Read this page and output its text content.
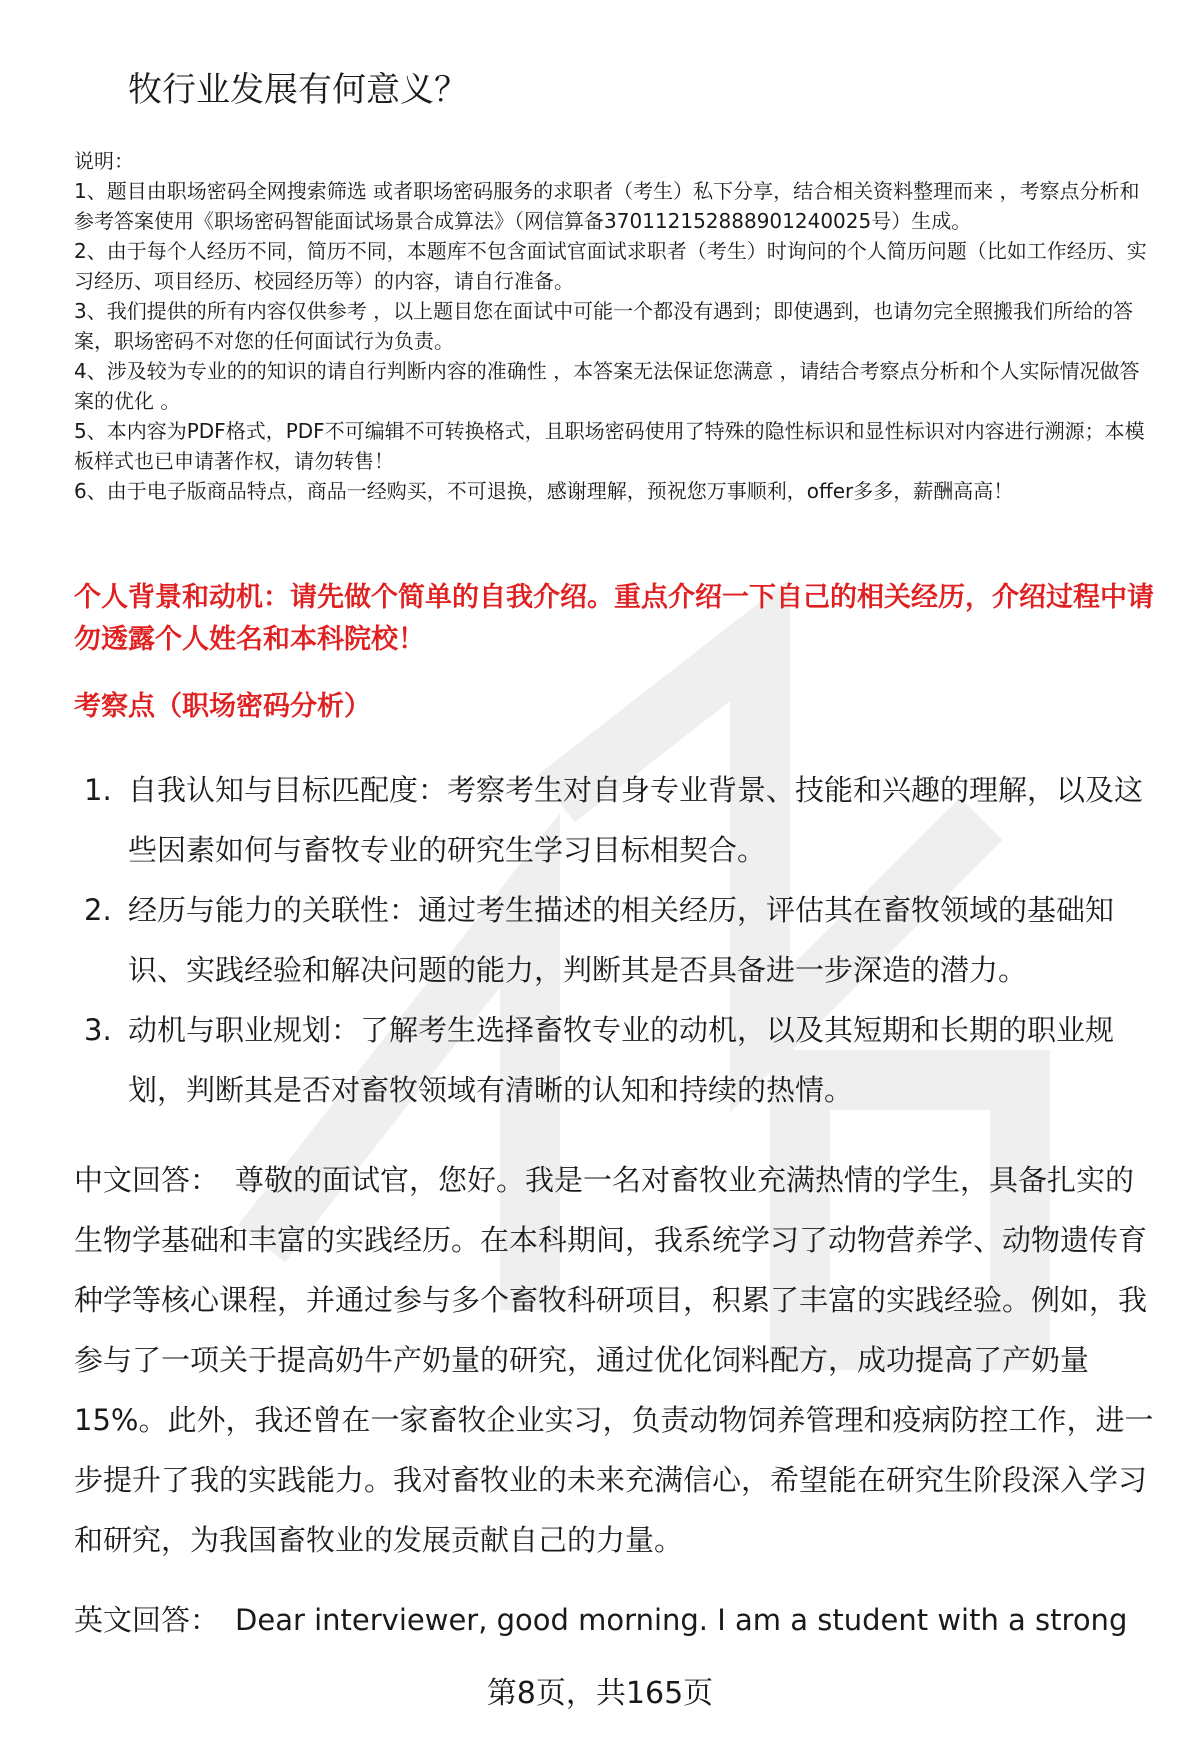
牧行业发展有何意义？

说明：

1、题目由职场密码全网搜索筛选 或者职场密码服务的求职者（考生）私下分享，结合相关资料整理而来 ，考察点分析和参考答案使用《职场密码智能面试场景合成算法》（网信算备370112152888901240025号）生成。

2、由于每个人经历不同，简历不同，本题库不包含面试官面试求职者（考生）时询问的个人简历问题（比如工作经历、实习经历、项目经历、校园经历等）的内容，请自行准备。

3、我们提供的所有内容仅供参考 ，以上题目您在面试中可能一个都没有遇到；即使遇到，也请勿完全照搬我们所给的答案，职场密码不对您的任何面试行为负责。

4、涉及较为专业的的知识的请自行判断内容的准确性 ，本答案无法保证您满意 ，请结合考察点分析和个人实际情况做答案的优化 。

5、本内容为PDF格式，PDF不可编辑不可转换格式，且职场密码使用了特殊的隐性标识和显性标识对内容进行溯源；本模板样式也已申请著作权，请勿转售！

6、由于电子版商品特点，商品一经购买，不可退换，感谢理解，预祝您万事顺利，offer多多，薪酬高高！

个人背景和动机：请先做个简单的自我介绍。重点介绍一下自己的相关经历，介绍过程中请勿透露个人姓名和本科院校！
考察点（职场密码分析）
1. 自我认知与目标匹配度：考察考生对自身专业背景、技能和兴趣的理解，以及这些因素如何与畜牧专业的研究生学习目标相契合。
2. 经历与能力的关联性：通过考生描述的相关经历，评估其在畜牧领域的基础知识、实践经验和解决问题的能力，判断其是否具备进一步深造的潜力。
3. 动机与职业规划：了解考生选择畜牧专业的动机，以及其短期和长期的职业规划，判断其是否对畜牧领域有清晰的认知和持续的热情。

中文回答： 尊敬的面试官，您好。我是一名对畜牧业充满热情的学生，具备扎实的生物学基础和丰富的实践经历。在本科期间，我系统学习了动物营养学、动物遗传育种学等核心课程，并通过参与多个畜牧科研项目，积累了丰富的实践经验。例如，我参与了一项关于提高奶牛产奶量的研究，通过优化饲料配方，成功提高了产奶量15%。此外，我还曾在一家畜牧企业实习，负责动物饲养管理和疫病防控工作，进一步提升了我的实践能力。我对畜牧业的未来充满信心，希望能在研究生阶段深入学习和研究，为我国畜牧业的发展贡献自己的力量。

英文回答： Dear interviewer, good morning. I am a student with a strong

第8页，共165页
